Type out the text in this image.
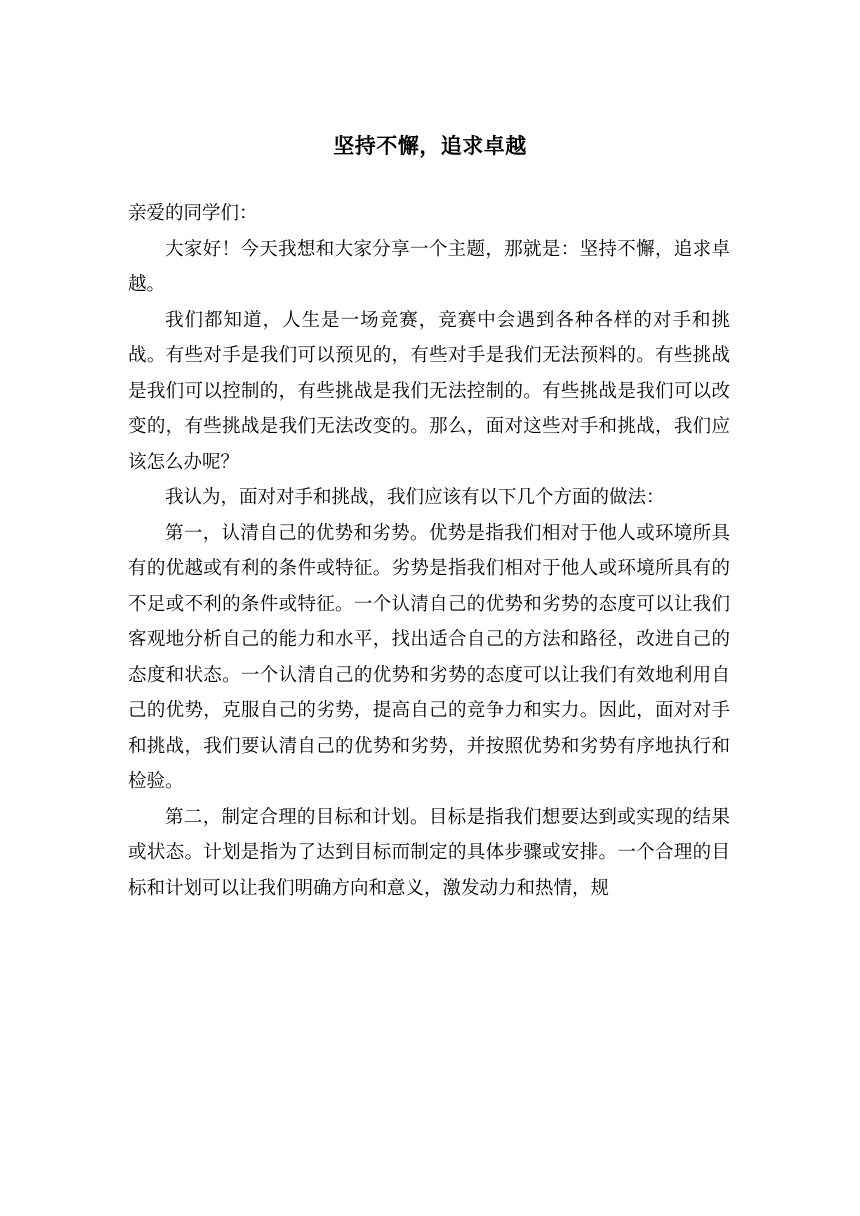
坚持不懈，追求卓越

亲爱的同学们：

大家好！今天我想和大家分享一个主题，那就是：坚持不懈，追求卓越。

我们都知道，人生是一场竞赛，竞赛中会遇到各种各样的对手和挑战。有些对手是我们可以预见的，有些对手是我们无法预料的。有些挑战是我们可以控制的，有些挑战是我们无法控制的。有些挑战是我们可以改变的，有些挑战是我们无法改变的。那么，面对这些对手和挑战，我们应该怎么办呢？

我认为，面对对手和挑战，我们应该有以下几个方面的做法：

第一，认清自己的优势和劣势。优势是指我们相对于他人或环境所具有的优越或有利的条件或特征。劣势是指我们相对于他人或环境所具有的不足或不利的条件或特征。一个认清自己的优势和劣势的态度可以让我们客观地分析自己的能力和水平，找出适合自己的方法和路径，改进自己的态度和状态。一个认清自己的优势和劣势的态度可以让我们有效地利用自己的优势，克服自己的劣势，提高自己的竞争力和实力。因此，面对对手和挑战，我们要认清自己的优势和劣势，并按照优势和劣势有序地执行和检验。

第二，制定合理的目标和计划。目标是指我们想要达到或实现的结果或状态。计划是指为了达到目标而制定的具体步骤或安排。一个合理的目标和计划可以让我们明确方向和意义，激发动力和热情，规
